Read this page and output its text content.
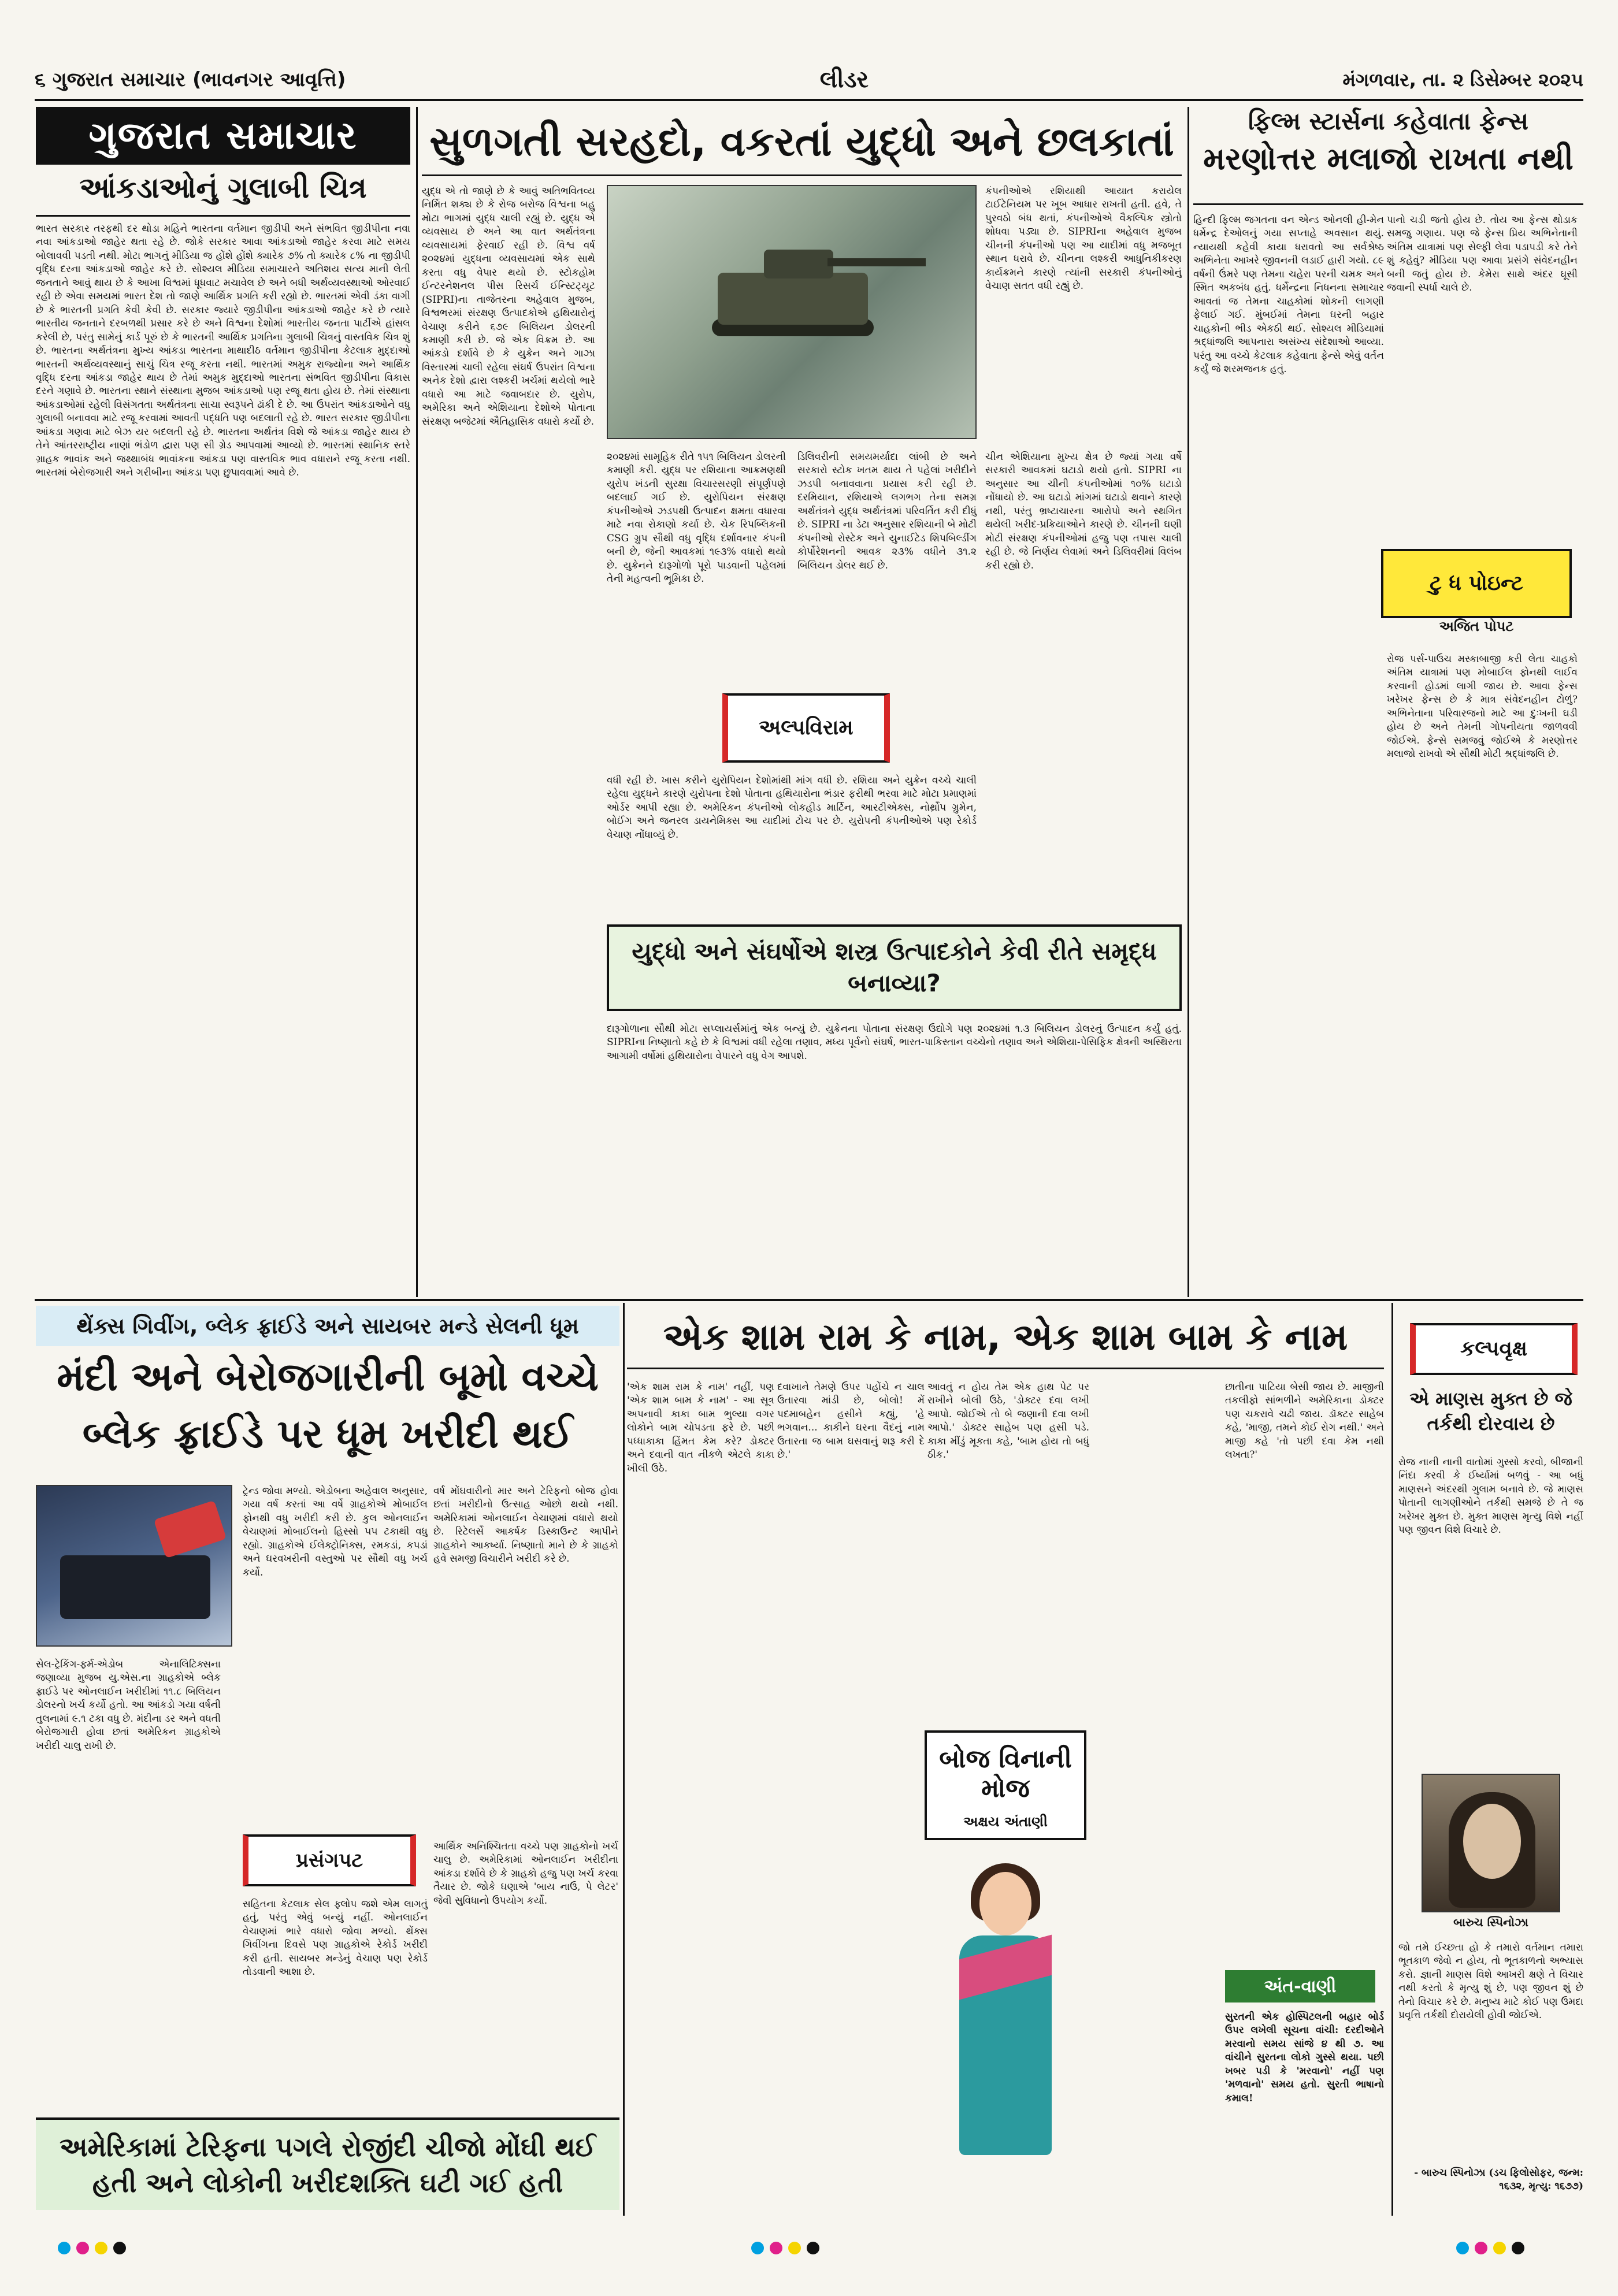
૬ ગુજરાત સમાચાર (ભાવનગર આવૃત્તિ)	લીડર	મંગળવાર, તા. ૨ ડિસેમ્બર ૨૦૨૫
ગુજરાત સમાચાર
આંકડાઓનું ગુલાબી ચિત્ર
ભારત સરકાર તરફથી દર થોડા મહિને ભારતના વર્તમાન જીડીપી અને સંભવિત જીડીપીના નવા નવા આંકડાઓ જાહેર થતા રહે છે. જોકે સરકાર આવા આંકડાઓ જાહેર કરવા માટે સમય બોલાવવી પડતી નથી. મોટા ભાગનું મીડિયા જ હોંશે હોંશે ક્યારેક ૭% તો ક્યારેક ૮% ના જીડીપી વૃદ્ધિ દરના આંકડાઓ જાહેર કરે છે. સોશ્યલ મીડિયા સમાચારને અતિશય સત્ય માની લેતી જનતાને આવું થાય છે કે આખા વિશ્વમાં ધૂધવાટ મચાવેલ છે અને બધી અર્થવ્યવસ્થાઓ ઓરવાઈ રહી છે એવા સમયમાં ભારત દેશ તો જાણે આર્થિક પ્રગતિ કરી રહ્યો છે. ભારતમાં એવી ડંકા વાગી છે કે ભારતની પ્રગતિ કેવી કેવી છે. સરકાર જ્યારે જીડીપીના આંકડાઓ જાહેર કરે છે ત્યારે ભારતીય જનતાને દરબળથી પ્રસાર કરે છે અને વિશ્વના દેશોમાં ભારતીય જનતા પાર્ટીએ હાંસલ કરેલી છે, પરંતુ સામેનું કાર્ડ પૂરું છે કે ભારતની આર્થિક પ્રગતિના ગુલાબી ચિત્રનું વાસ્તવિક ચિત્ર શું છે. ભારતના અર્થતંત્રના મુખ્ય આંકડા ભારતના માથાદીઠ વર્તમાન જીડીપીના કેટલાક મુદ્દાઓ ભારતની અર્થવ્યવસ્થાનું સાચું ચિત્ર રજૂ કરતા નથી. ભારતમાં અમુક રાજ્યોના અને આર્થિક વૃદ્ધિ દરના આંકડા જાહેર થાય છે તેમાં અમુક મુદ્દાઓ ભારતના સંભવિત જીડીપીના વિકાસ દરને ગણાવે છે. ભારતના સ્થાને સંસ્થાના મુજબ આંકડાઓ પણ રજૂ થતા હોય છે. તેમાં સંસ્થાના આંકડાઓમાં રહેલી વિસંગતતા અર્થતંત્રના સાચા સ્વરૂપને ઢાંકી દે છે. આ ઉપરાંત આંકડાઓને વધુ ગુલાબી બનાવવા માટે રજૂ કરવામાં આવતી પદ્ધતિ પણ બદલાતી રહે છે. ભારત સરકાર જીડીપીના આંકડા ગણવા માટે બેઝ યર બદલતી રહે છે. ભારતના અર્થતંત્ર વિશે જે આંકડા જાહેર થાય છે તેને આંતરરાષ્ટ્રીય નાણાં ભંડોળ દ્વારા પણ સી ગ્રેડ આપવામાં આવ્યો છે. ભારતમાં સ્થાનિક સ્તરે ગ્રાહક ભાવાંક અને જથ્થાબંધ ભાવાંકના આંકડા પણ વાસ્તવિક ભાવ વધારાને રજૂ કરતા નથી. ભારતમાં બેરોજગારી અને ગરીબીના આંકડા પણ છુપાવવામાં આવે છે.
સુળગતી સરહદો, વકરતાં યુદ્ધો અને છલકાતાં
યુદ્ધ એ તો જાણે છે કે આવું અતિભવિતવ્ય નિર્મિત શક્ય છે કે રોજ બરોજ વિશ્વના બહુ મોટા ભાગમાં યુદ્ધ ચાલી રહ્યું છે. યુદ્ધ એ વ્યવસાય છે અને આ વાત અર્થતંત્રના વ્યવસાયમાં ફેરવાઈ રહી છે. વિશ્વ વર્ષ ૨૦૨૪માં યુદ્ધના વ્યવસાયમાં એક સાથે કરતા વધુ વેપાર થયો છે. સ્ટોકહોમ ઈન્ટરનેશનલ પીસ રિસર્ચ ઈન્સ્ટિટ્યૂટ (SIPRI)ના તાજેતરના અહેવાલ મુજબ, વિશ્વભરમાં સંરક્ષણ ઉત્પાદકોએ હથિયારોનું વેચાણ કરીને ૬૭૯ બિલિયન ડોલરની કમાણી કરી છે. જે એક વિક્રમ છે. આ આંકડો દર્શાવે છે કે યુક્રેન અને ગાઝા વિસ્તારમાં ચાલી રહેલા સંઘર્ષ ઉપરાંત વિશ્વના અનેક દેશો દ્વારા લશ્કરી ખર્ચમાં થયેલો ભારે વધારો આ માટે જવાબદાર છે. યુરોપ, અમેરિકા અને એશિયાના દેશોએ પોતાના સંરક્ષણ બજેટમાં ઐતિહાસિક વધારો કર્યો છે.
કંપનીઓએ રશિયાથી આયાત કરાયેલ ટાઈટેનિયમ પર ખૂબ આધાર રાખતી હતી. હવે, તે પુરવઠો બંધ થતાં, કંપનીઓએ વૈકલ્પિક સ્ત્રોતો શોધવા પડ્યા છે. SIPRIના અહેવાલ મુજબ ચીનની કંપનીઓ પણ આ યાદીમાં વધુ મજબૂત સ્થાન ધરાવે છે. ચીનના લશ્કરી આધુનિકીકરણ કાર્યક્રમને કારણે ત્યાંની સરકારી કંપનીઓનું વેચાણ સતત વધી રહ્યું છે.
૨૦૨૪માં સામૂહિક રીતે ૧૫૧ બિલિયન ડોલરની કમાણી કરી. યુદ્ધ પર રશિયાના આક્રમણથી યુરોપ ખંડની સુરક્ષા વિચારસરણી સંપૂર્ણપણે બદલાઈ ગઈ છે. યુરોપિયન સંરક્ષણ કંપનીઓએ ઝડપથી ઉત્પાદન ક્ષમતા વધારવા માટે નવા રોકાણો કર્યા છે. ચેક રિપબ્લિકની CSG ગ્રુપ સૌથી વધુ વૃદ્ધિ દર્શાવનાર કંપની બની છે, જેની આવકમાં ૧૯૩% વધારો થયો છે. યુક્રેનને દારૂગોળો પૂરો પાડવાની પહેલમાં તેની મહત્વની ભૂમિકા છે.
ડિલિવરીની સમયમર્યાદા લાંબી છે અને સરકારો સ્ટોક ખતમ થાય તે પહેલાં ખરીદીને ઝડપી બનાવવાના પ્રયાસ કરી રહી છે. દરમિયાન, રશિયાએ લગભગ તેના સમગ્ર અર્થતંત્રને યુદ્ધ અર્થતંત્રમાં પરિવર્તિત કરી દીધું છે. SIPRI ના ડેટા અનુસાર રશિયાની બે મોટી કંપનીઓ રોસ્ટેક અને યુનાઈટેડ શિપબિલ્ડીંગ કોર્પોરેશનની આવક ૨૩% વધીને ૩૧.૨ બિલિયન ડોલર થઈ છે.
ચીન એશિયાના મુખ્ય ક્ષેત્ર છે જ્યાં ગયા વર્ષે સરકારી આવકમાં ઘટાડો થયો હતો. SIPRI ના અનુસાર આ ચીની કંપનીઓમાં ૧૦% ઘટાડો નોંધાયો છે. આ ઘટાડો માંગમાં ઘટાડો થવાને કારણે નથી, પરંતુ ભ્રષ્ટાચારના આરોપો અને સ્થગિત થયેલી ખરીદ-પ્રક્રિયાઓને કારણે છે. ચીનની ઘણી મોટી સંરક્ષણ કંપનીઓમાં હજુ પણ તપાસ ચાલી રહી છે. જે નિર્ણય લેવામાં અને ડિલિવરીમાં વિલંબ કરી રહ્યો છે.
અલ્પવિરામ
વધી રહી છે. ખાસ કરીને યુરોપિયન દેશોમાંથી માંગ વધી છે. રશિયા અને યુક્રેન વચ્ચે ચાલી રહેલા યુદ્ધને કારણે યુરોપના દેશો પોતાના હથિયારોના ભંડાર ફરીથી ભરવા માટે મોટા પ્રમાણમાં ઓર્ડર આપી રહ્યા છે. અમેરિકન કંપનીઓ લોકહીડ માર્ટિન, આરટીએક્સ, નોર્થ્રોપ ગ્રુમેન, બોઈંગ અને જનરલ ડાયનેમિક્સ આ યાદીમાં ટોચ પર છે. યુરોપની કંપનીઓએ પણ રેકોર્ડ વેચાણ નોંધાવ્યું છે.
યુદ્ધો અને સંઘર્ષોએ શસ્ત્ર ઉત્પાદકોને કેવી રીતે સમૃદ્ધ બનાવ્યા?
દારૂગોળાના સૌથી મોટા સપ્લાયર્સમાંનું એક બન્યું છે. યુક્રેનના પોતાના સંરક્ષણ ઉદ્યોગે પણ ૨૦૨૪માં ૧.૩ બિલિયન ડોલરનું ઉત્પાદન કર્યું હતું. SIPRIના નિષ્ણાતો કહે છે કે વિશ્વમાં વધી રહેલા તણાવ, મધ્ય પૂર્વનો સંઘર્ષ, ભારત-પાકિસ્તાન વચ્ચેનો તણાવ અને એશિયા-પેસિફિક ક્ષેત્રની અસ્થિરતા આગામી વર્ષોમાં હથિયારોના વેપારને વધુ વેગ આપશે.
ફિલ્મ સ્ટાર્સના કહેવાતા ફેન્સ
મરણોત્તર મલાજો રાખતા નથી
હિન્દી ફિલ્મ જગતના વન એન્ડ ઓનલી હી-મેન ધર્મેન્દ્ર દેઓલનું ગયા સપ્તાહે અવસાન થયું. ન્યાયથી કહેવી કાયા ધરાવતો આ સર્વશ્રેષ્ઠ અભિનેતા આખરે જીવનની લડાઈ હારી ગયો. ૮૯ વર્ષની ઉંમરે પણ તેમના ચહેરા પરની ચમક અને સ્મિત અકબંધ હતું. ધર્મેન્દ્રના નિધનના સમાચાર આવતાં જ તેમના ચાહકોમાં શોકની લાગણી ફેલાઈ ગઈ. મુંબઈમાં તેમના ઘરની બહાર ચાહકોની ભીડ એકઠી થઈ. સોશ્યલ મીડિયામાં શ્રદ્ધાંજલિ આપનારા અસંખ્ય સંદેશાઓ આવ્યા. પરંતુ આ વચ્ચે કેટલાક કહેવાતા ફેન્સે એવું વર્તન કર્યું જે શરમજનક હતું.
પાનો ચડી જતો હોય છે. તોય આ ફેન્સ થોડાક સમજુ ગણાય. પણ જે ફેન્સ પ્રિય અભિનેતાની અંતિમ યાત્રામાં પણ સેલ્ફી લેવા પડાપડી કરે તેને શું કહેવું? મીડિયા પણ આવા પ્રસંગે સંવેદનહીન બની જતું હોય છે. કેમેરા સાથે અંદર ઘૂસી જવાની સ્પર્ધા ચાલે છે.
ટુ ધ પોઇન્ટ
અજિત પોપટ
રોજ પર્સ-પાઉચ મસ્કાબાજી કરી લેતા ચાહકો અંતિમ યાત્રામાં પણ મોબાઈલ ફોનથી લાઈવ કરવાની હોડમાં લાગી જાય છે. આવા ફેન્સ ખરેખર ફેન્સ છે કે માત્ર સંવેદનહીન ટોળું? અભિનેતાના પરિવારજનો માટે આ દુઃખની ઘડી હોય છે અને તેમની ગોપનીયતા જાળવવી જોઈએ. ફેન્સે સમજવું જોઈએ કે મરણોત્તર મલાજો રાખવો એ સૌથી મોટી શ્રદ્ધાંજલિ છે.
થેંક્સ ગિવીંગ, બ્લેક ફ્રાઈડે અને સાયબર મન્ડે સેલની ધૂમ
મંદી અને બેરોજગારીની બૂમો વચ્ચે બ્લેક ફ્રાઈડે પર ધૂમ ખરીદી થઈ
સેલ-ટ્રેકિંગ-ફર્મ-એડોબ એનાલિટિક્સના જણાવ્યા મુજબ યુ.એસ.ના ગ્રાહકોએ બ્લેક ફ્રાઈડે પર ઓનલાઈન ખરીદીમાં ૧૧.૮ બિલિયન ડોલરનો ખર્ચ કર્યો હતો. આ આંકડો ગયા વર્ષની તુલનામાં ૯.૧ ટકા વધુ છે. મંદીના ડર અને વધતી બેરોજગારી હોવા છતાં અમેરિકન ગ્રાહકોએ ખરીદી ચાલુ રાખી છે.
ટ્રેન્ડ જોવા મળ્યો. એડોબના અહેવાલ અનુસાર, ગયા વર્ષ કરતાં આ વર્ષે ગ્રાહકોએ મોબાઈલ ફોનથી વધુ ખરીદી કરી છે. કુલ ઓનલાઈન વેચાણમાં મોબાઈલનો હિસ્સો ૫૫ ટકાથી વધુ રહ્યો. ગ્રાહકોએ ઈલેક્ટ્રોનિક્સ, રમકડાં, કપડાં અને ઘરવખરીની વસ્તુઓ પર સૌથી વધુ ખર્ચ કર્યો.
પ્રસંગપટ
સહિતના કેટલાક સેલ ફ્લોપ જશે એમ લાગતું હતું, પરંતુ એવું બન્યું નહીં. ઓનલાઈન વેચાણમાં ભારે વધારો જોવા મળ્યો. થેંક્સ ગિવીંગના દિવસે પણ ગ્રાહકોએ રેકોર્ડ ખરીદી કરી હતી. સાયબર મન્ડેનું વેચાણ પણ રેકોર્ડ તોડવાની આશા છે.
વર્ષ મોંઘવારીનો માર અને ટેરિફનો બોજ હોવા છતાં ખરીદીનો ઉત્સાહ ઓછો થયો નથી. અમેરિકામાં ઓનલાઈન વેચાણમાં વધારો થયો છે. રિટેલર્સે આકર્ષક ડિસ્કાઉન્ટ આપીને ગ્રાહકોને આકર્ષ્યા. નિષ્ણાતો માને છે કે ગ્રાહકો હવે સમજી વિચારીને ખરીદી કરે છે.
આર્થિક અનિશ્ચિતતા વચ્ચે પણ ગ્રાહકોનો ખર્ચ ચાલુ છે. અમેરિકામાં ઓનલાઈન ખરીદીના આંકડા દર્શાવે છે કે ગ્રાહકો હજુ પણ ખર્ચ કરવા તૈયાર છે. જોકે ઘણાએ 'બાય નાઉ, પે લેટર' જેવી સુવિધાનો ઉપયોગ કર્યો.
અમેરિકામાં ટેરિફના પગલે રોજીંદી ચીજો મોંઘી થઈ હતી અને લોકોની ખરીદશક્તિ ઘટી ગઈ હતી
એક શામ રામ કે નામ, એક શામ બામ કે નામ
'એક શામ રામ કે નામ' નહીં, પણ 'એક શામ બામ કે નામ' - આ સૂત્ર અપનાવી કાકા બામ ભુલ્યા વગર લોકોને બામ ચોપડતા ફરે છે. પછી પધ્ધાકાકા હિંમત કેમ કરે? ડોક્ટર અને દવાની વાત નીકળે એટલે કાકા ખીલી ઉઠે.
દવાખાને તેમણે ઉપર પહોંચે ન ચાલ ઉતારવા માંડી છે, બોલો! મેં પદમાબહેન હસીને કહ્યું, 'હે ભગવાન... કાકીને ઘરના વૈદનું નામ ઉતારતા જ બામ ઘસવાનું શરૂ કરી દે છે.'
આવતું ન હોય તેમ એક હાથ પેટ પર રાખીને બોલી ઉઠે, 'ડોક્ટર દવા લખી આપો. જોઈએ તો બે જણાની દવા લખી આપો.' ડોક્ટર સાહેબ પણ હસી પડે. કાકા મીંડું મૂકતા કહે, 'બામ હોય તો બધું ઠીક.'
બોજ વિનાની મોજ
અક્ષય અંતાણી
છાતીના પાટિયા બેસી જાય છે. માજીની તકલીફો સાંભળીને અમેરિકાના ડોક્ટર પણ ચકરાવે ચઢી જાય. ડૉક્ટર સાહેબ કહે, 'માજી, તમને કોઈ રોગ નથી.' અને માજી કહે 'તો પછી દવા કેમ નથી લખતા?'
અંત-વાણી
સુરતની એક હોસ્પિટલની બહાર બોર્ડ ઉપર લખેલી સૂચના વાંચી: દરદીઓને મરવાનો સમય સાંજે ૪ થી ૭. આ વાંચીને સુરતના લોકો ગુસ્સે થયા. પછી ખબર પડી કે 'મરવાનો' નહીં પણ 'મળવાનો' સમય હતો. સુરતી ભાષાનો કમાલ!
કલ્પવૃક્ષ
એ માણસ મુક્ત છે જે તર્કથી દોરવાય છે
રોજ નાની નાની વાતોમાં ગુસ્સો કરવો, બીજાની નિંદા કરવી કે ઈર્ષ્યામાં બળવું - આ બધું માણસને અંદરથી ગુલામ બનાવે છે. જે માણસ પોતાની લાગણીઓને તર્કથી સમજે છે તે જ ખરેખર મુક્ત છે. મુક્ત માણસ મૃત્યુ વિશે નહીં પણ જીવન વિશે વિચારે છે.
બારુચ સ્પિનોઝા
જો તમે ઈચ્છતા હો કે તમારો વર્તમાન તમારા ભૂતકાળ જેવો ન હોય, તો ભૂતકાળનો અભ્યાસ કરો. જ્ઞાની માણસ વિશે આખરી ક્ષણે તે વિચાર નથી કરતો કે મૃત્યુ શું છે, પણ જીવન શું છે તેનો વિચાર કરે છે. મનુષ્ય માટે કોઈ પણ ઉમદા પ્રવૃત્તિ તર્કથી દોરાયેલી હોવી જોઈએ.
- બારુચ સ્પિનોઝા (ડચ ફિલોસોફર, જન્મ: ૧૬૩૨, મૃત્યુ: ૧૬૭૭)
